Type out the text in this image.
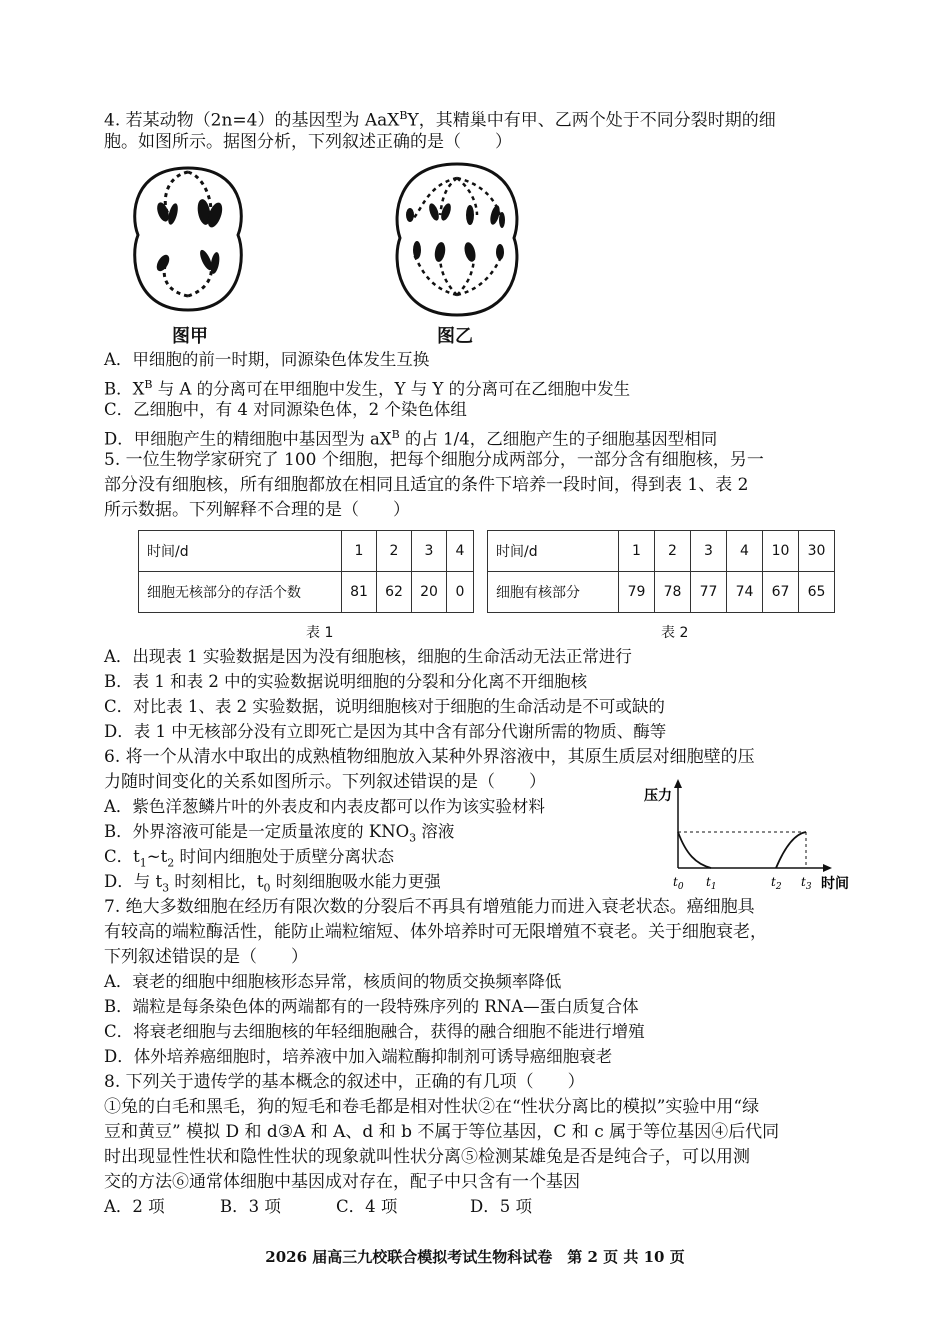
4. 若某动物（2n=4）的基因型为 AaX$^B$Y，其精巢中有甲、乙两个处于不同分裂时期的细
胞。如图所示。据图分析，下列叙述正确的是（　　）
图甲	图乙
A．甲细胞的前一时期，同源染色体发生互换
B．$X^B$ 与 A 的分离可在甲细胞中发生，Y 与 Y 的分离可在乙细胞中发生
C．乙细胞中，有 4 对同源染色体，2 个染色体组
D．甲细胞产生的精细胞中基因型为 $aX^B$ 的占 1/4，乙细胞产生的子细胞基因型相同
5. 一位生物学家研究了 100 个细胞，把每个细胞分成两部分，一部分含有细胞核，另一
部分没有细胞核，所有细胞都放在相同且适宜的条件下培养一段时间，得到表 1、表 2
所示数据。下列解释不合理的是（　　）
时间/d	1	2	3	4
细胞无核部分的存活个数	81	62	20	0
表 1
时间/d	1	2	3	4	10	30
细胞有核部分	79	78	77	74	67	65
表 2
A．出现表 1 实验数据是因为没有细胞核，细胞的生命活动无法正常进行
B．表 1 和表 2 中的实验数据说明细胞的分裂和分化离不开细胞核
C．对比表 1、表 2 实验数据，说明细胞核对于细胞的生命活动是不可或缺的
D．表 1 中无核部分没有立即死亡是因为其中含有部分代谢所需的物质、酶等
6. 将一个从清水中取出的成熟植物细胞放入某种外界溶液中，其原生质层对细胞壁的压
力随时间变化的关系如图所示。下列叙述错误的是（　　）
A．紫色洋葱鳞片叶的外表皮和内表皮都可以作为该实验材料
B．外界溶液可能是一定质量浓度的 $KNO_3$ 溶液
C．$t_1\sim t_2$ 时间内细胞处于质壁分离状态
D．与 $t_3$ 时刻相比，$t_0$ 时刻细胞吸水能力更强
压力
时间
$t_0$ $t_1$	$t_2$ $t_3$
7. 绝大多数细胞在经历有限次数的分裂后不再具有增殖能力而进入衰老状态。癌细胞具
有较高的端粒酶活性，能防止端粒缩短、体外培养时可无限增殖不衰老。关于细胞衰老，
下列叙述错误的是（　　）
A．衰老的细胞中细胞核形态异常，核质间的物质交换频率降低
B．端粒是每条染色体的两端都有的一段特殊序列的 RNA—蛋白质复合体
C．将衰老细胞与去细胞核的年轻细胞融合，获得的融合细胞不能进行增殖
D．体外培养癌细胞时，培养液中加入端粒酶抑制剂可诱导癌细胞衰老
8. 下列关于遗传学的基本概念的叙述中，正确的有几项（　　）
①兔的白毛和黑毛，狗的短毛和卷毛都是相对性状②在“性状分离比的模拟”实验中用“绿
豆和黄豆” 模拟 D 和 d③A 和 A、d 和 b 不属于等位基因，C 和 c 属于等位基因④后代同
时出现显性性状和隐性性状的现象就叫性状分离⑤检测某雄兔是否是纯合子，可以用测
交的方法⑥通常体细胞中基因成对存在，配子中只含有一个基因
A．2 项	B．3 项	C．4 项	D．5 项
2026 届高三九校联合模拟考试生物科试卷　第 2 页 共 10 页
